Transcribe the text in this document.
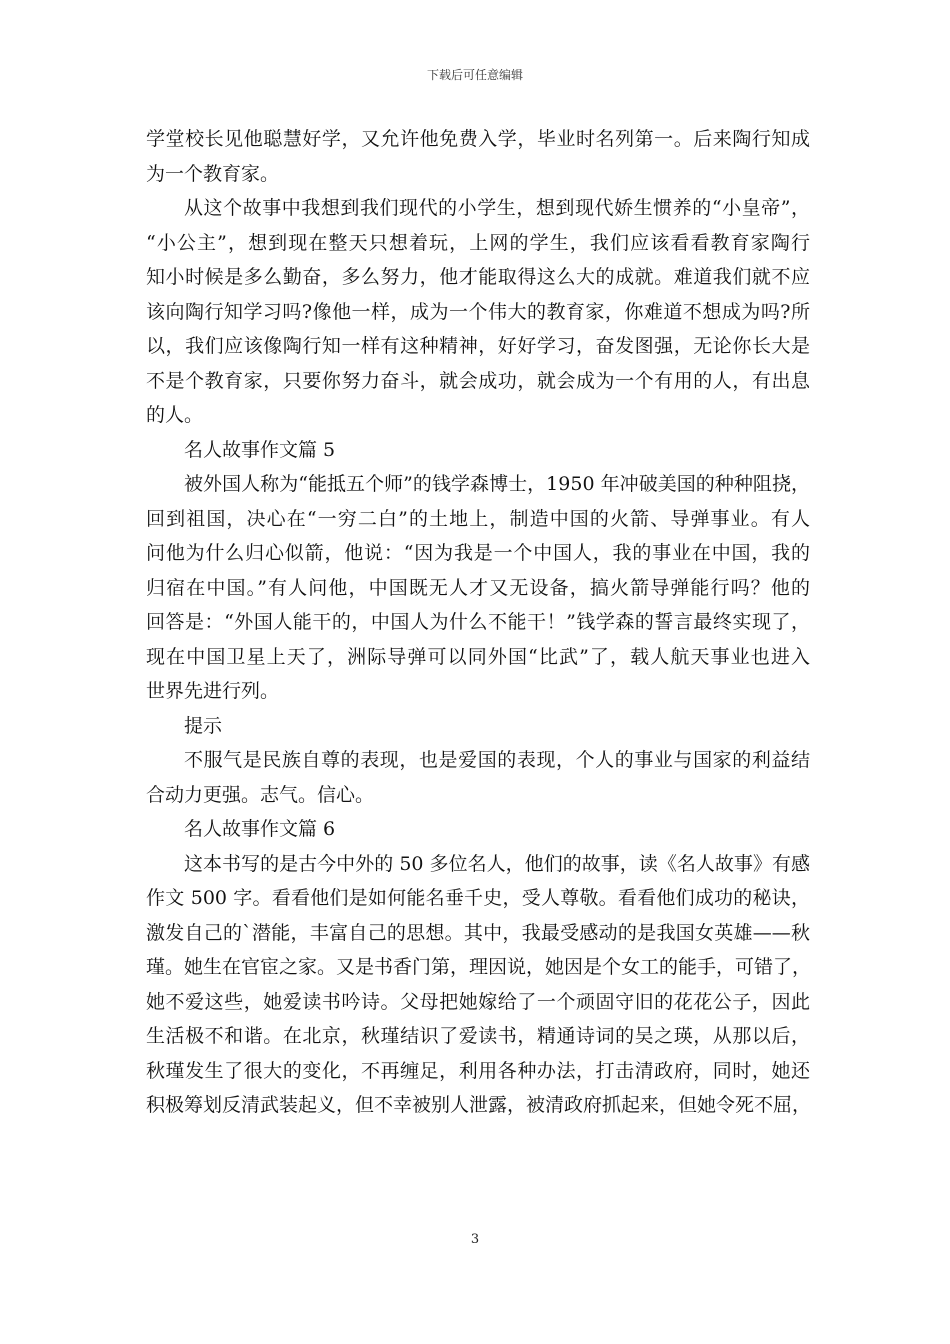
下载后可任意编辑
学堂校长见他聪慧好学，又允许他免费入学，毕业时名列第一。后来陶行知成
为一个教育家。
从这个故事中我想到我们现代的小学生，想到现代娇生惯养的“小皇帝”，
“小公主”，想到现在整天只想着玩，上网的学生，我们应该看看教育家陶行
知小时候是多么勤奋，多么努力，他才能取得这么大的成就。难道我们就不应
该向陶行知学习吗?像他一样，成为一个伟大的教育家，你难道不想成为吗?所
以，我们应该像陶行知一样有这种精神，好好学习，奋发图强，无论你长大是
不是个教育家，只要你努力奋斗，就会成功，就会成为一个有用的人，有出息
的人。
名人故事作文篇 5
被外国人称为“能抵五个师”的钱学森博士，1950 年冲破美国的种种阻挠，
回到祖国，决心在“一穷二白”的土地上，制造中国的火箭、导弹事业。有人
问他为什么归心似箭，他说：“因为我是一个中国人，我的事业在中国，我的
归宿在中国。”有人问他，中国既无人才又无设备，搞火箭导弹能行吗？他的
回答是：“外国人能干的，中国人为什么不能干！”钱学森的誓言最终实现了，
现在中国卫星上天了，洲际导弹可以同外国“比武”了，载人航天事业也进入
世界先进行列。
提示
不服气是民族自尊的表现，也是爱国的表现，个人的事业与国家的利益结
合动力更强。志气。信心。
名人故事作文篇 6
这本书写的是古今中外的 50 多位名人，他们的故事，读《名人故事》有感
作文 500 字。看看他们是如何能名垂千史，受人尊敬。看看他们成功的秘诀，
激发自己的`潜能，丰富自己的思想。其中，我最受感动的是我国女英雄——秋
瑾。她生在官宦之家。又是书香门第，理因说，她因是个女工的能手，可错了，
她不爱这些，她爱读书吟诗。父母把她嫁给了一个顽固守旧的花花公子，因此
生活极不和谐。在北京，秋瑾结识了爱读书，精通诗词的吴之瑛，从那以后，
秋瑾发生了很大的变化，不再缠足，利用各种办法，打击清政府，同时，她还
积极筹划反清武装起义，但不幸被别人泄露，被清政府抓起来，但她令死不屈，
3
